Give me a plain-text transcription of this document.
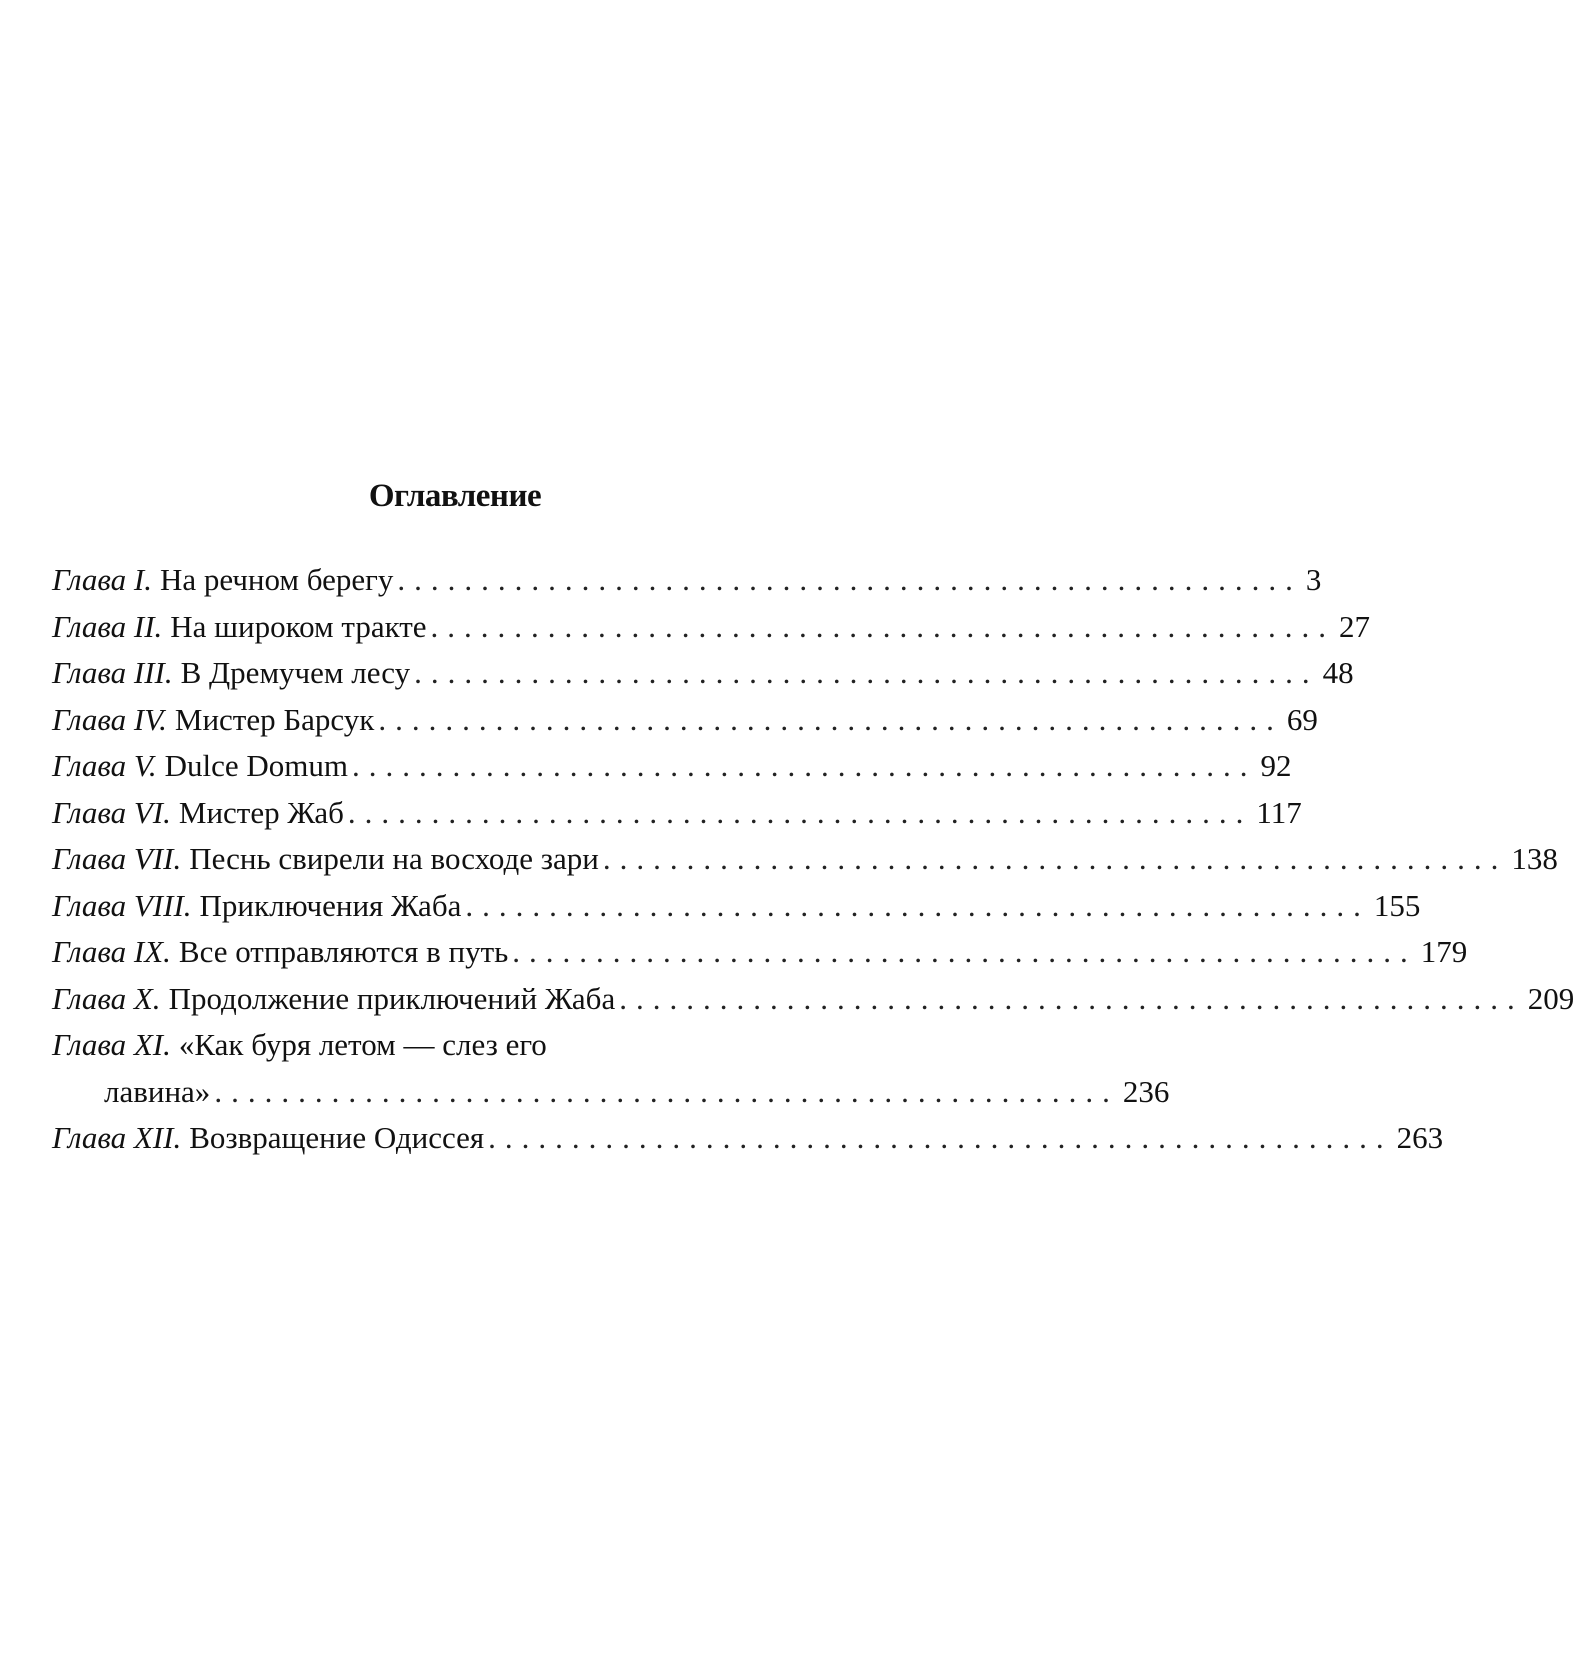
Оглавление
Глава I. На речном берегу ...................................................... 3
Глава II. На широком тракте ...................................................... 27
Глава III. В Дремучем лесу ...................................................... 48
Глава IV. Мистер Барсук ...................................................... 69
Глава V. Dulce Domum ...................................................... 92
Глава VI. Мистер Жаб ...................................................... 117
Глава VII. Песнь свирели на восходе зари ...................................................... 138
Глава VIII. Приключения Жаба ...................................................... 155
Глава IX. Все отправляются в путь ...................................................... 179
Глава X. Продолжение приключений Жаба ...................................................... 209
Глава XI. «Как буря летом — слез его
лавина» ...................................................... 236
Глава XII. Возвращение Одиссея ...................................................... 263
